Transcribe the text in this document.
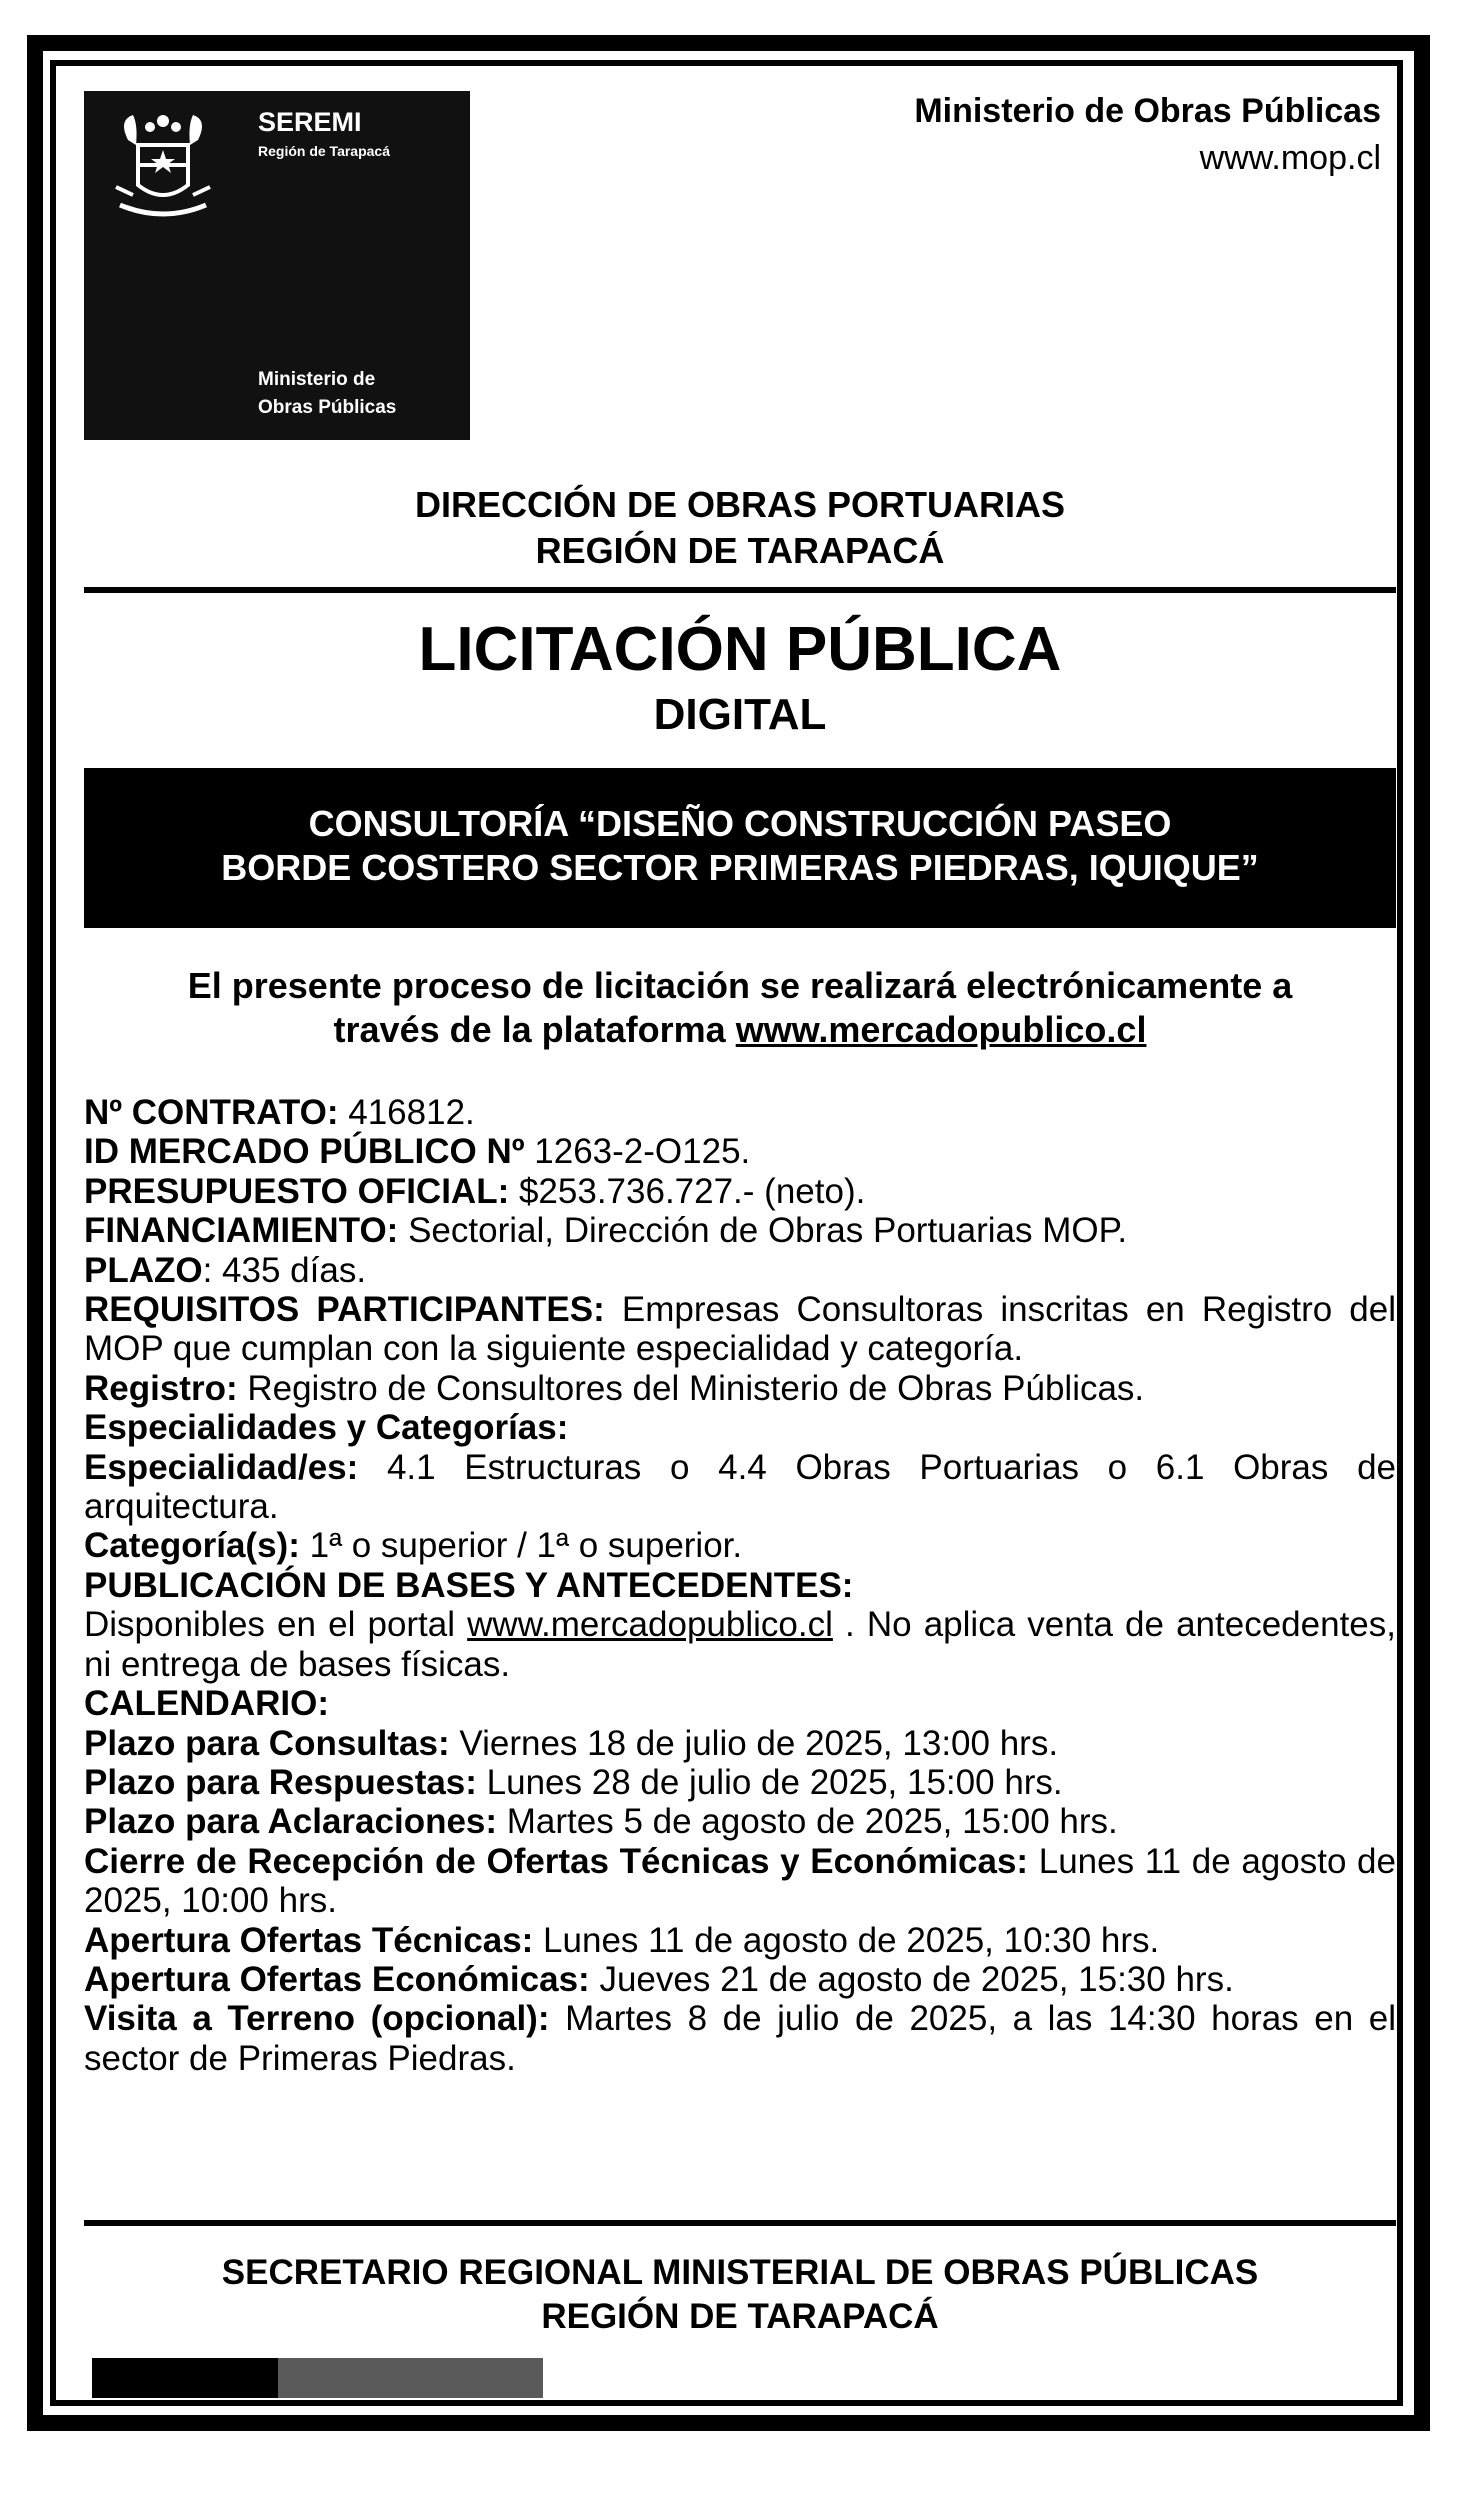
SEREMI
Región de Tarapacá
Ministerio de
Obras Públicas
Ministerio de Obras Públicas
www.mop.cl
DIRECCIÓN DE OBRAS PORTUARIAS
REGIÓN DE TARAPACÁ
LICITACIÓN PÚBLICA
DIGITAL
CONSULTORÍA “DISEÑO CONSTRUCCIÓN PASEO
BORDE COSTERO SECTOR PRIMERAS PIEDRAS, IQUIQUE”
El presente proceso de licitación se realizará electrónicamente a
través de la plataforma www.mercadopublico.cl

Nº CONTRATO: 416812.

ID MERCADO PÚBLICO Nº 1263-2-O125.

PRESUPUESTO OFICIAL: $253.736.727.- (neto).

FINANCIAMIENTO: Sectorial, Dirección de Obras Portuarias MOP.

PLAZO: 435 días.

REQUISITOS PARTICIPANTES: Empresas Consultoras inscritas en Registro del MOP que cumplan con la siguiente especialidad y categoría.

Registro: Registro de Consultores del Ministerio de Obras Públicas.

Especialidades y Categorías:

Especialidad/es: 4.1 Estructuras o 4.4 Obras Portuarias o 6.1 Obras de arquitectura.

Categoría(s): 1ª o superior / 1ª o superior.

PUBLICACIÓN DE BASES Y ANTECEDENTES:

Disponibles en el portal www.mercadopublico.cl . No aplica venta de antecedentes, ni entrega de bases físicas.

CALENDARIO:

Plazo para Consultas: Viernes 18 de julio de 2025, 13:00 hrs.

Plazo para Respuestas: Lunes 28 de julio de 2025, 15:00 hrs.

Plazo para Aclaraciones: Martes 5 de agosto de 2025, 15:00 hrs.

Cierre de Recepción de Ofertas Técnicas y Económicas: Lunes 11 de agosto de 2025, 10:00 hrs.

Apertura Ofertas Técnicas: Lunes 11 de agosto de 2025, 10:30 hrs.

Apertura Ofertas Económicas: Jueves 21 de agosto de 2025, 15:30 hrs.

Visita a Terreno (opcional): Martes 8 de julio de 2025, a las 14:30 horas en el sector de Primeras Piedras.

SECRETARIO REGIONAL MINISTERIAL DE OBRAS PÚBLICAS
REGIÓN DE TARAPACÁ
